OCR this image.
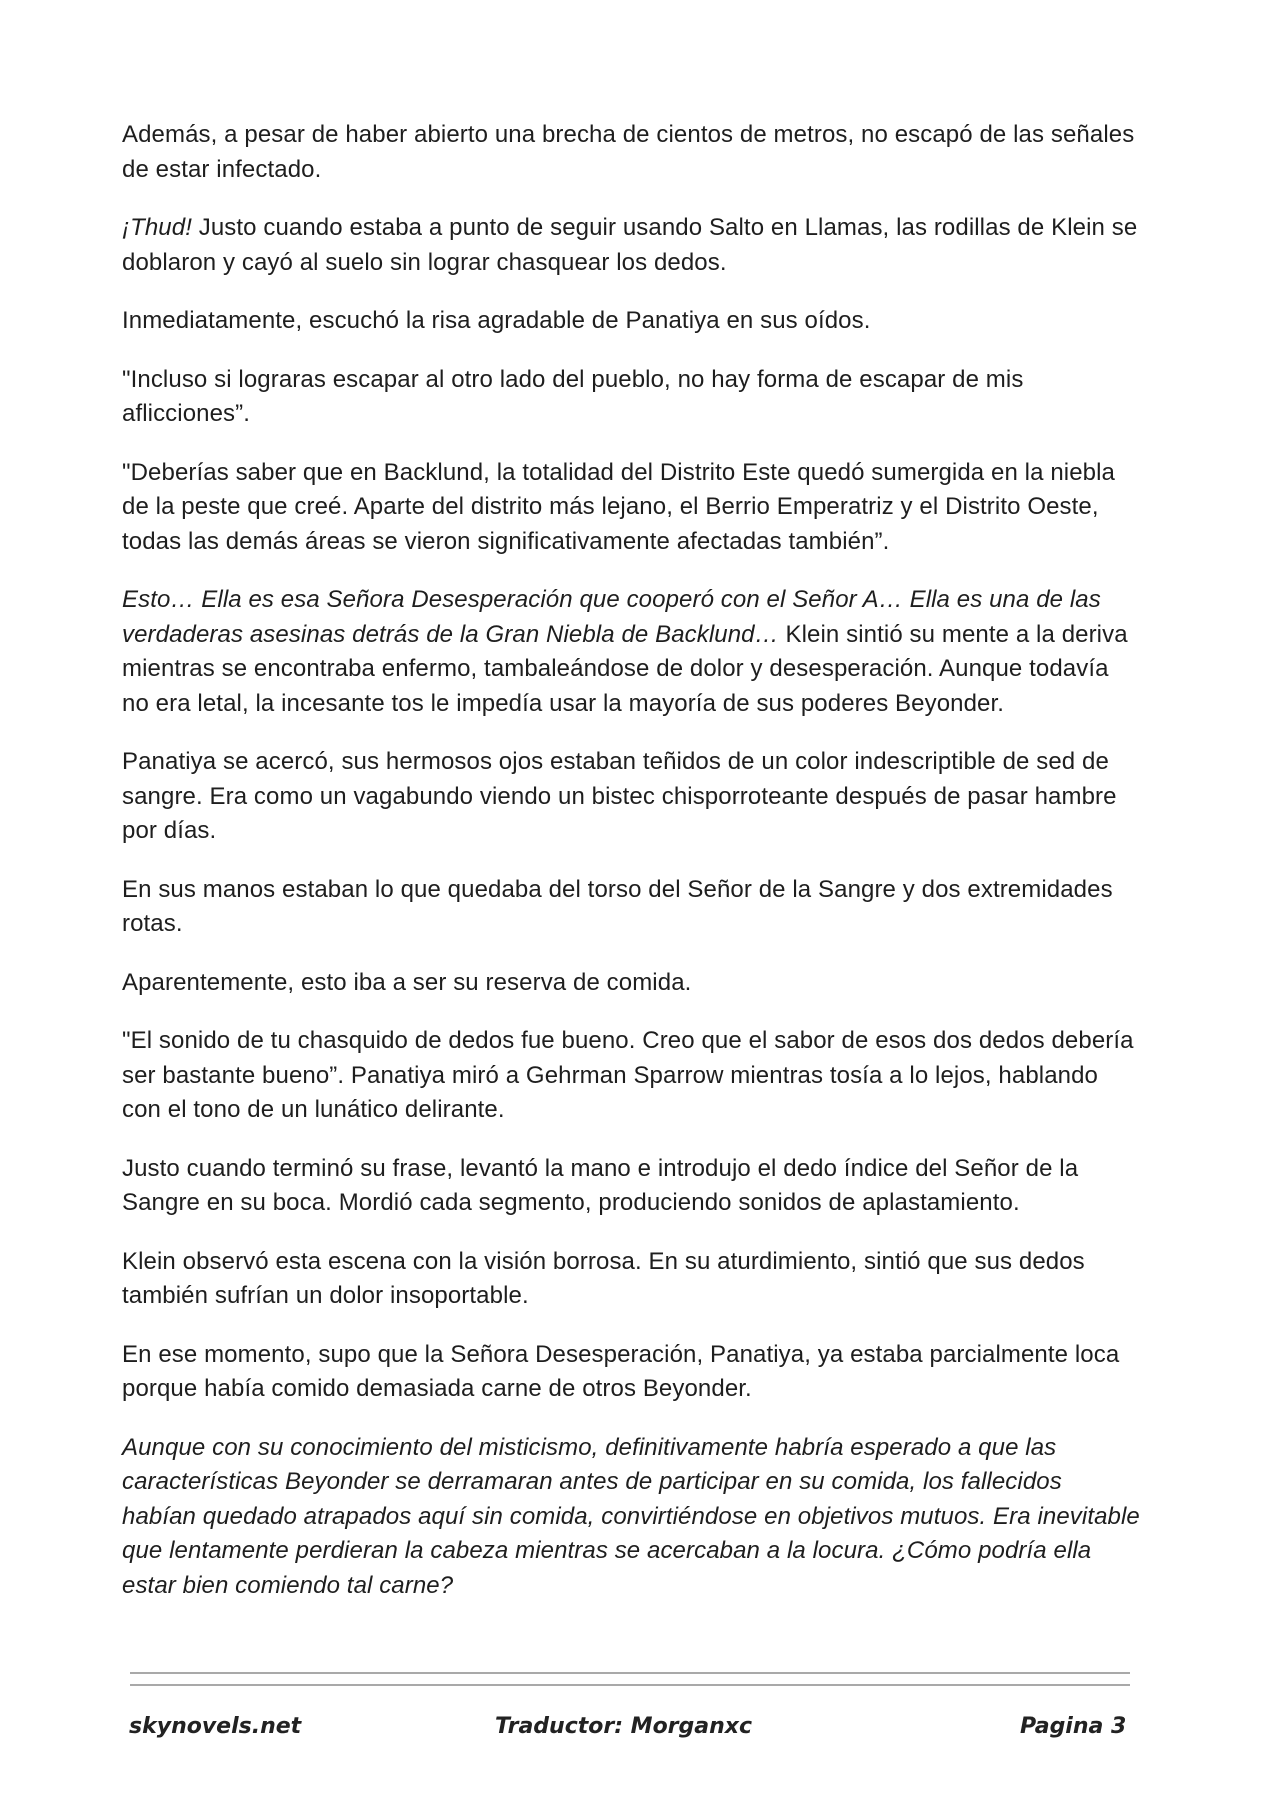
Además, a pesar de haber abierto una brecha de cientos de metros, no escapó de las señales de estar infectado.

¡Thud! Justo cuando estaba a punto de seguir usando Salto en Llamas, las rodillas de Klein se doblaron y cayó al suelo sin lograr chasquear los dedos.

Inmediatamente, escuchó la risa agradable de Panatiya en sus oídos.

"Incluso si lograras escapar al otro lado del pueblo, no hay forma de escapar de mis aflicciones”.

"Deberías saber que en Backlund, la totalidad del Distrito Este quedó sumergida en la niebla de la peste que creé. Aparte del distrito más lejano, el Berrio Emperatriz y el Distrito Oeste, todas las demás áreas se vieron significativamente afectadas también”.

Esto… Ella es esa Señora Desesperación que cooperó con el Señor A… Ella es una de las verdaderas asesinas detrás de la Gran Niebla de Backlund… Klein sintió su mente a la deriva mientras se encontraba enfermo, tambaleándose de dolor y desesperación. Aunque todavía no era letal, la incesante tos le impedía usar la mayoría de sus poderes Beyonder.

Panatiya se acercó, sus hermosos ojos estaban teñidos de un color indescriptible de sed de sangre. Era como un vagabundo viendo un bistec chisporroteante después de pasar hambre por días.

En sus manos estaban lo que quedaba del torso del Señor de la Sangre y dos extremidades rotas.

Aparentemente, esto iba a ser su reserva de comida.

"El sonido de tu chasquido de dedos fue bueno. Creo que el sabor de esos dos dedos debería ser bastante bueno”. Panatiya miró a Gehrman Sparrow mientras tosía a lo lejos, hablando con el tono de un lunático delirante.

Justo cuando terminó su frase, levantó la mano e introdujo el dedo índice del Señor de la Sangre en su boca. Mordió cada segmento, produciendo sonidos de aplastamiento.

Klein observó esta escena con la visión borrosa. En su aturdimiento, sintió que sus dedos también sufrían un dolor insoportable.

En ese momento, supo que la Señora Desesperación, Panatiya, ya estaba parcialmente loca porque había comido demasiada carne de otros Beyonder.

Aunque con su conocimiento del misticismo, definitivamente habría esperado a que las características Beyonder se derramaran antes de participar en su comida, los fallecidos habían quedado atrapados aquí sin comida, convirtiéndose en objetivos mutuos. Era inevitable que lentamente perdieran la cabeza mientras se acercaban a la locura. ¿Cómo podría ella estar bien comiendo tal carne?

skynovels.net	Traductor: Morganxc	Pagina 3
